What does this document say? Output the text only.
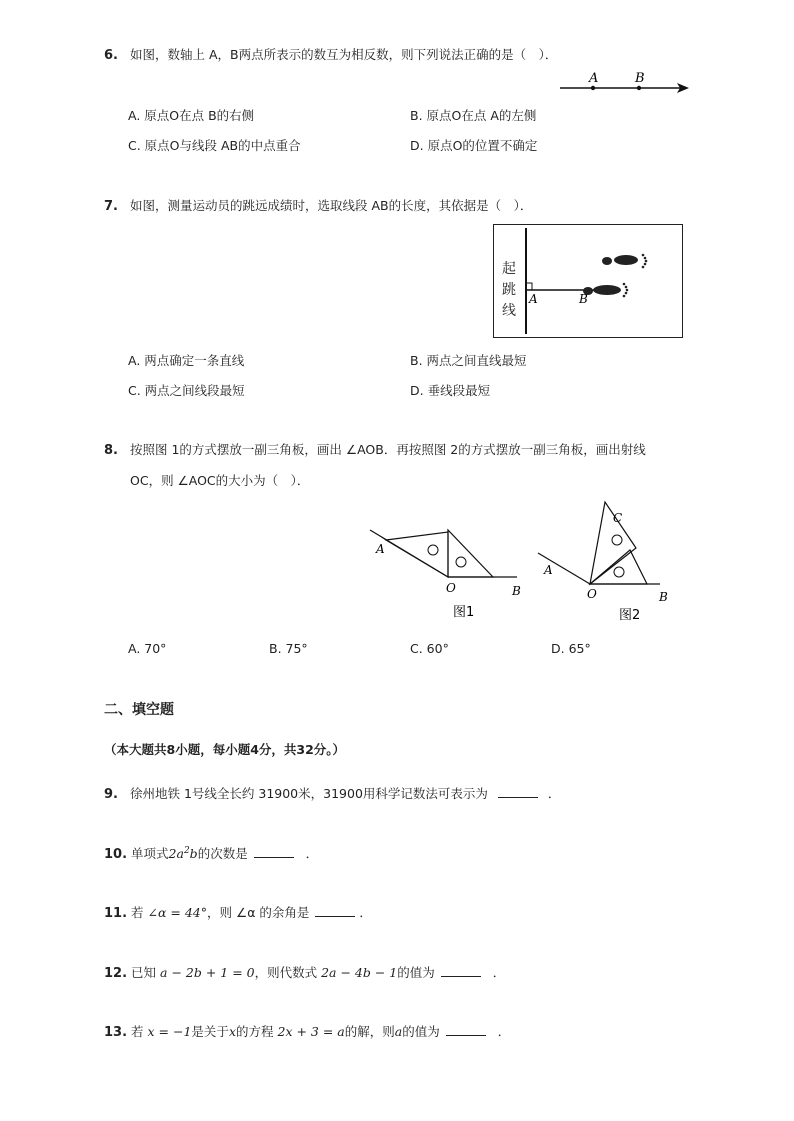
6. 如图，数轴上 A，B两点所表示的数互为相反数，则下列说法正确的是（　）．
A	B
A. 原点O在点 B的右侧	B. 原点O在点 A的左侧
C. 原点O与线段 AB的中点重合	D. 原点O的位置不确定
7. 如图，测量运动员的跳远成绩时，选取线段 AB的长度，其依据是（　）．
A	B
起
跳
线
A. 两点确定一条直线	B. 两点之间直线最短
C. 两点之间线段最短	D. 垂线段最短
8. 按照图 1的方式摆放一副三角板，画出 ∠AOB．再按照图 2的方式摆放一副三角板，画出射线
OC，则 ∠AOC的大小为（　）．
A
O	B
图1
C
A
O	B
图2
A. 70°	B. 75°	C. 60°	D. 65°
二、填空题
（本大题共8小题，每小题4分，共32分。）
9. 徐州地铁 1号线全长约 31900米，31900用科学记数法可表示为	．
10. 单项式$2a^2b$的次数是	．
11. 若 ∠α = 44°，则 ∠α 的余角是	．
12. 已知 a − 2b + 1 = 0，则代数式 2a − 4b − 1的值为	．
13. 若 x = −1是关于x的方程 2x + 3 = a的解，则a的值为	．
